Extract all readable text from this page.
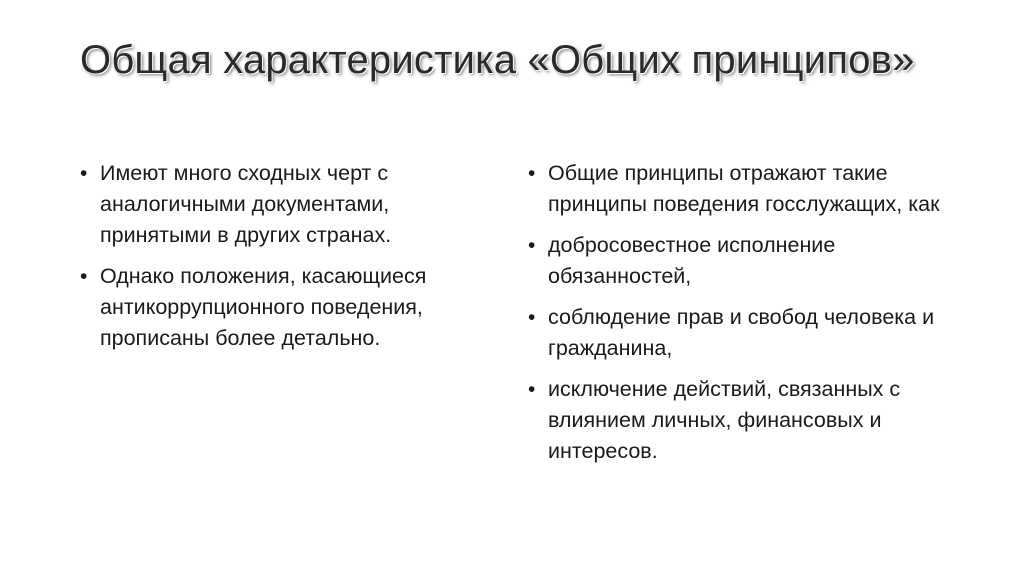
Общая характеристика «Общих принципов»
• Имеют много сходных черт с аналогичными документами, принятыми в других странах.
• Однако положения, касающиеся антикоррупционного поведения, прописаны более детально.
• Общие принципы отражают такие принципы поведения госслужащих, как
• добросовестное исполнение обязанностей,
• соблюдение прав и свобод человека и гражданина,
• исключение действий, связанных с влиянием личных, финансовых и интересов.
